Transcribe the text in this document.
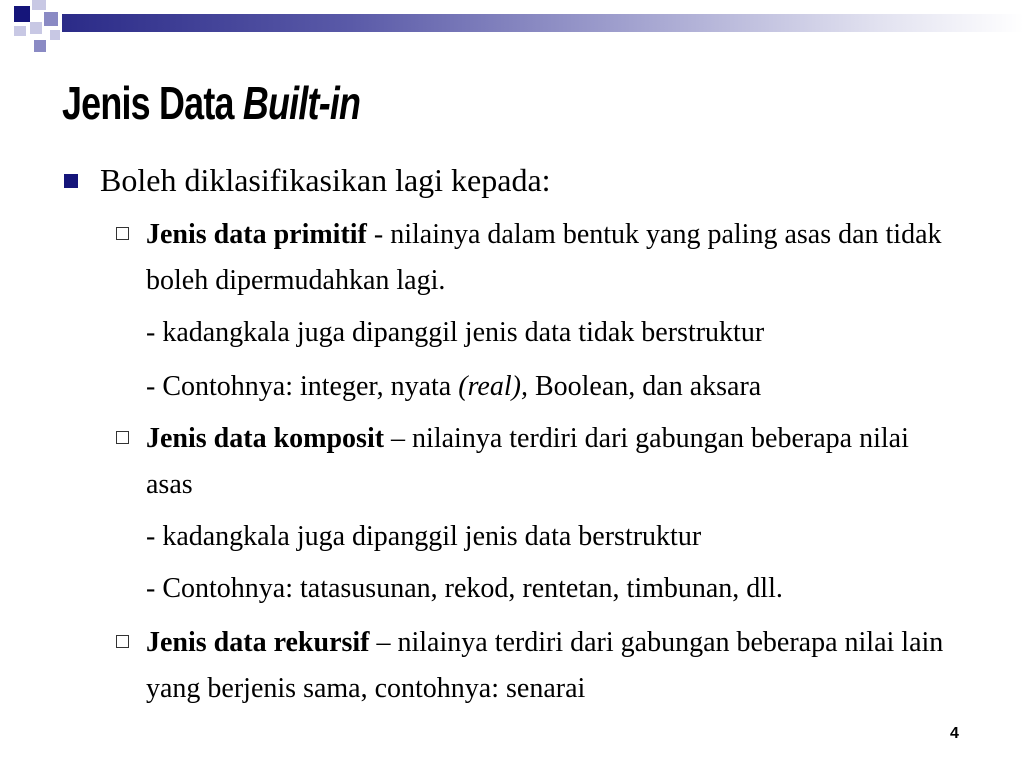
Jenis Data Built-in
Boleh diklasifikasikan lagi kepada:
Jenis data primitif - nilainya dalam bentuk yang paling asas dan tidak boleh dipermudahkan lagi.
- kadangkala juga dipanggil jenis data tidak berstruktur
- Contohnya: integer, nyata (real), Boolean, dan aksara
Jenis data komposit – nilainya terdiri dari gabungan beberapa nilai asas
- kadangkala juga dipanggil jenis data berstruktur
- Contohnya: tatasusunan, rekod, rentetan, timbunan, dll.
Jenis data rekursif – nilainya terdiri dari gabungan beberapa nilai lain yang berjenis sama, contohnya: senarai
4
